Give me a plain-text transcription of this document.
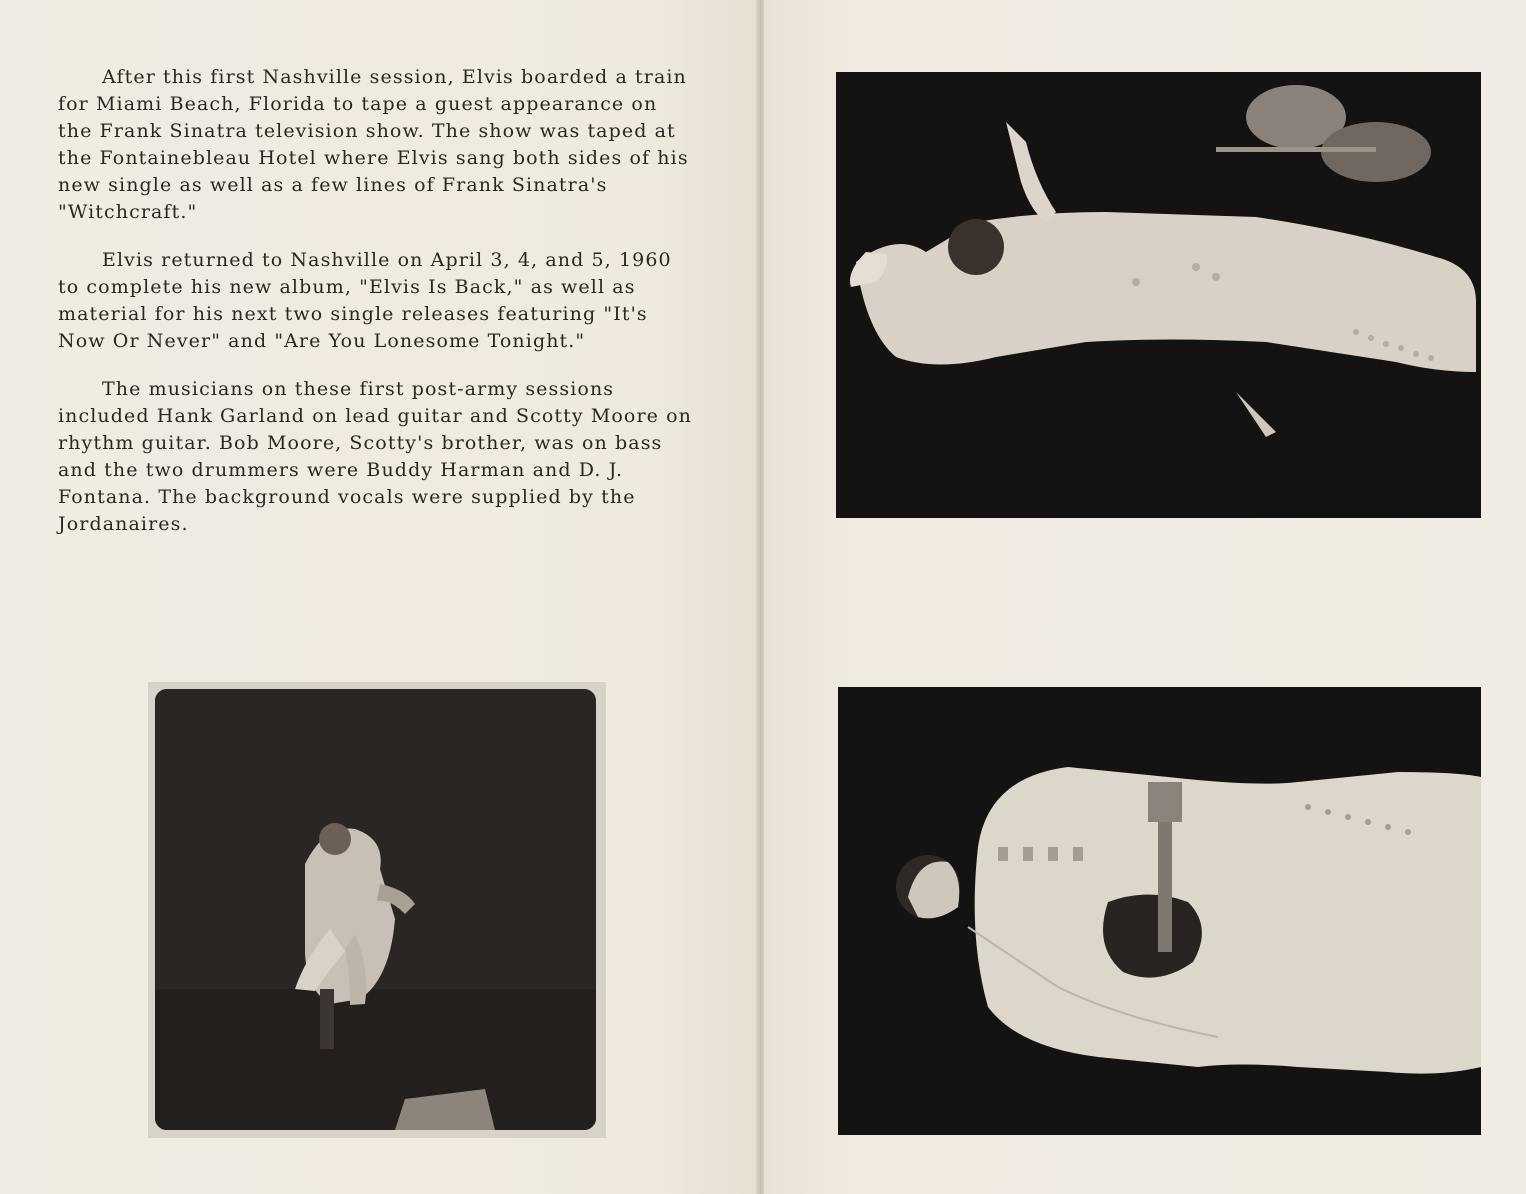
After this first Nashville session, Elvis boarded a train for Miami Beach, Florida to tape a guest appearance on the Frank Sinatra television show. The show was taped at the Fontainebleau Hotel where Elvis sang both sides of his new single as well as a few lines of Frank Sinatra's "Witchcraft."

Elvis returned to Nashville on April 3, 4, and 5, 1960 to complete his new album, "Elvis Is Back," as well as material for his next two single releases featuring "It's Now Or Never" and "Are You Lonesome Tonight."

The musicians on these first post-army sessions included Hank Garland on lead guitar and Scotty Moore on rhythm guitar. Bob Moore, Scotty's brother, was on bass and the two drummers were Buddy Harman and D. J. Fontana. The background vocals were supplied by the Jordanaires.
